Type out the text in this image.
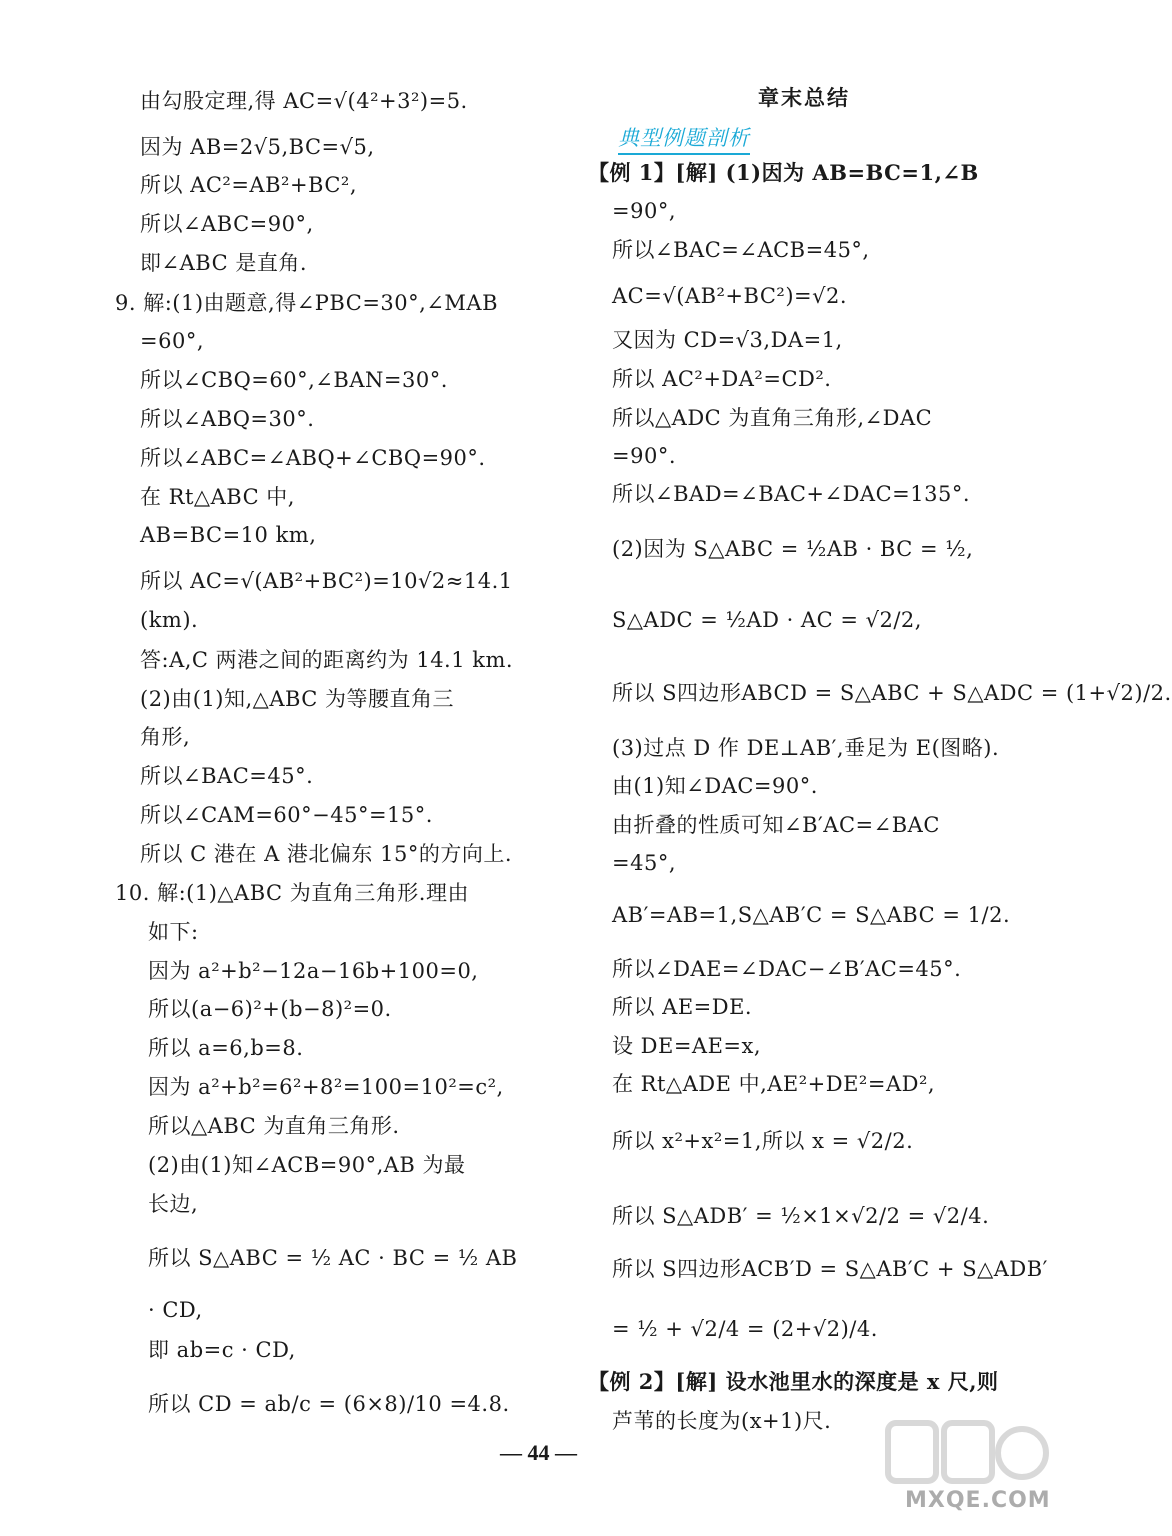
章末总结
典型例题剖析
由勾股定理,得 AC=√(4²+3²)=5.
因为 AB=2√5,BC=√5,
所以 AC²=AB²+BC²,
所以∠ABC=90°,
即∠ABC 是直角.
9. 解:(1)由题意,得∠PBC=30°,∠MAB
=60°,
所以∠CBQ=60°,∠BAN=30°.
所以∠ABQ=30°.
所以∠ABC=∠ABQ+∠CBQ=90°.
在 Rt△ABC 中,
AB=BC=10 km,
所以 AC=√(AB²+BC²)=10√2≈14.1
(km).
答:A,C 两港之间的距离约为 14.1 km.
(2)由(1)知,△ABC 为等腰直角三
角形,
所以∠BAC=45°.
所以∠CAM=60°−45°=15°.
所以 C 港在 A 港北偏东 15°的方向上.
10. 解:(1)△ABC 为直角三角形.理由
如下:
因为 a²+b²−12a−16b+100=0,
所以(a−6)²+(b−8)²=0.
所以 a=6,b=8.
因为 a²+b²=6²+8²=100=10²=c²,
所以△ABC 为直角三角形.
(2)由(1)知∠ACB=90°,AB 为最
长边,
所以 S△ABC = ½ AC · BC = ½ AB
· CD,
即 ab=c · CD,
所以 CD = ab/c = (6×8)/10 =4.8.
【例 1】[解] (1)因为 AB=BC=1,∠B
=90°,
所以∠BAC=∠ACB=45°,
AC=√(AB²+BC²)=√2.
又因为 CD=√3,DA=1,
所以 AC²+DA²=CD².
所以△ADC 为直角三角形,∠DAC
=90°.
所以∠BAD=∠BAC+∠DAC=135°.
(2)因为 S△ABC = ½AB · BC = ½,
S△ADC = ½AD · AC = √2/2,
所以 S四边形ABCD = S△ABC + S△ADC = (1+√2)/2.
(3)过点 D 作 DE⊥AB′,垂足为 E(图略).
由(1)知∠DAC=90°.
由折叠的性质可知∠B′AC=∠BAC
=45°,
AB′=AB=1,S△AB′C = S△ABC = 1/2.
所以∠DAE=∠DAC−∠B′AC=45°.
所以 AE=DE.
设 DE=AE=x,
在 Rt△ADE 中,AE²+DE²=AD²,
所以 x²+x²=1,所以 x = √2/2.
所以 S△ADB′ = ½×1×√2/2 = √2/4.
所以 S四边形ACB′D = S△AB′C + S△ADB′
= ½ + √2/4 = (2+√2)/4.
【例 2】[解] 设水池里水的深度是 x 尺,则
芦苇的长度为(x+1)尺.
— 44 —
MXQE.COM
